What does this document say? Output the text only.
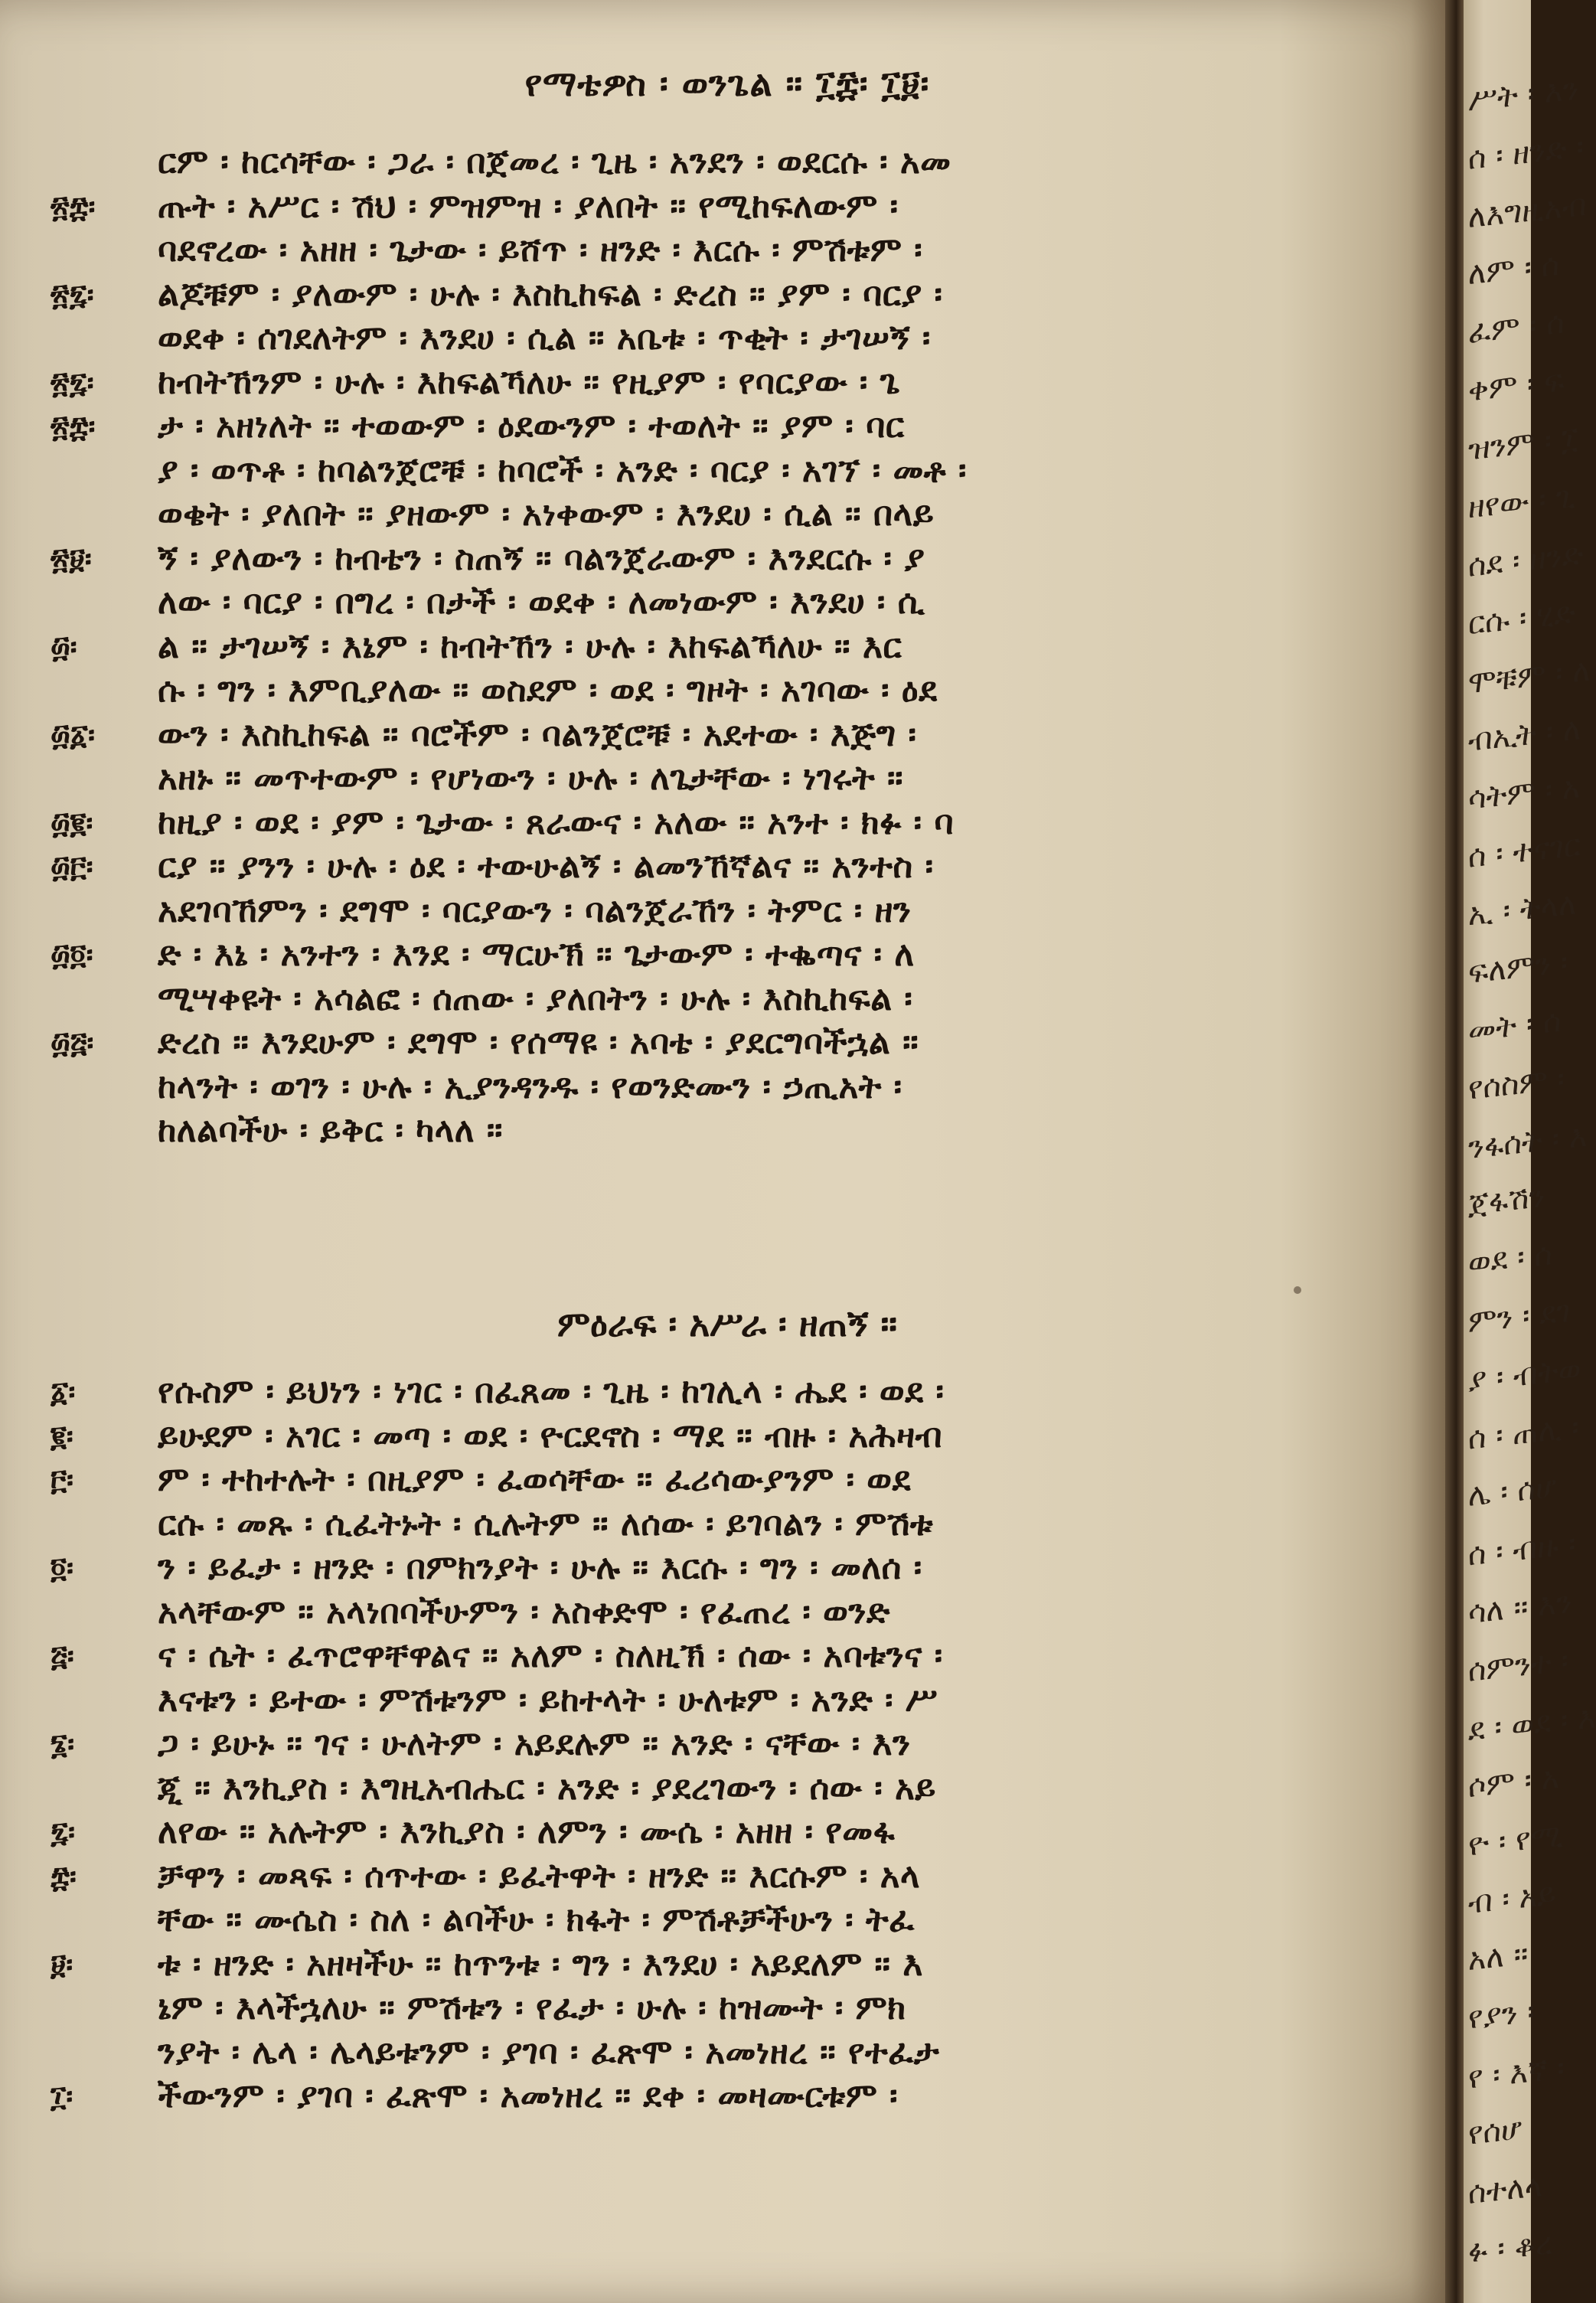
የማቴዎስ ፡ ወንጌል ። ፲፰፡ ፲፱፡
ምዕራፍ ፡ አሥራ ፡ ዘጠኝ ።
ርም ፡ ከርሳቸው ፡ ጋራ ፡ በጀመረ ፡ ጊዜ ፡ አንደን ፡ ወደርሱ ፡ አመ
ጡት ፡ አሥር ፡ ሽህ ፡ ምዝምዝ ፡ ያለበት ። የሚከፍለውም ፡
ባደኖረው ፡ አዘዘ ፡ ጌታው ፡ ይሸጥ ፡ ዘንድ ፡ እርሱ ፡ ምሽቱም ፡
ልጆቹም ፡ ያለውም ፡ ሁሉ ፡ እስኪከፍል ፡ ድረስ ። ያም ፡ ባርያ ፡
ወደቀ ፡ ሰገደለትም ፡ እንደሀ ፡ ሲል ። አቤቱ ፡ ጥቂት ፡ ታገሠኝ ፡
ከብትኸንም ፡ ሁሉ ፡ እከፍልኻለሁ ። የዚያም ፡ የባርያው ፡ ጌ
ታ ፡ አዘነለት ። ተወውም ፡ ዕደውንም ፡ ተወለት ። ያም ፡ ባር
ያ ፡ ወጥቶ ፡ ከባልንጀሮቹ ፡ ከባሮች ፡ አንድ ፡ ባርያ ፡ አገኘ ፡ መቶ ፡
ወቄት ፡ ያለበት ። ያዘውም ፡ አነቀውም ፡ እንደሀ ፡ ሲል ። በላይ
ኝ ፡ ያለውን ፡ ከብቴን ፡ ስጠኝ ። ባልንጀራውም ፡ እንደርሱ ፡ ያ
ለው ፡ ባርያ ፡ በግረ ፡ በታች ፡ ወደቀ ፡ ለመነውም ፡ እንደሀ ፡ ሲ
ል ። ታገሠኝ ፡ እኔም ፡ ከብትኸን ፡ ሁሉ ፡ እከፍልኻለሁ ። እር
ሱ ፡ ግን ፡ እምቢያለው ። ወስደም ፡ ወደ ፡ ግዞት ፡ አገባው ፡ ዕደ
ውን ፡ እስኪከፍል ። ባሮችም ፡ ባልንጀሮቹ ፡ አደተው ፡ እጅግ ፡
አዘኑ ። መጥተውም ፡ የሆነውን ፡ ሁሉ ፡ ለጌታቸው ፡ ነገሩት ።
ከዚያ ፡ ወደ ፡ ያም ፡ ጌታው ፡ ጸራውና ፡ አለው ። አንተ ፡ ክፉ ፡ ባ
ርያ ። ያንን ፡ ሁሉ ፡ ዕደ ፡ ተውሁልኝ ፡ ልመንኸኛልና ። አንተስ ፡
አደገባኸምን ፡ ደግሞ ፡ ባርያውን ፡ ባልንጀራኸን ፡ ትምር ፡ ዘን
ድ ፡ እኔ ፡ አንተን ፡ እንደ ፡ ማርሁኽ ። ጌታውም ፡ ተቈጣና ፡ ለ
ሚሣቀዩት ፡ አሳልፎ ፡ ሰጠው ፡ ያለበትን ፡ ሁሉ ፡ እስኪከፍል ፡
ድረስ ። እንደሁም ፡ ደግሞ ፡ የሰማዩ ፡ አባቴ ፡ ያደርግባችኋል ።
ከላንት ፡ ወገን ፡ ሁሉ ፡ ኢያንዳንዱ ፡ የወንድሙን ፡ ኃጢአት ፡
ከለልባችሁ ፡ ይቅር ፡ ካላለ ።
የሱስም ፡ ይህነን ፡ ነገር ፡ በፈጸመ ፡ ጊዜ ፡ ከገሊላ ፡ ሔደ ፡ ወደ ፡
ይሁደም ፡ አገር ፡ መጣ ፡ ወደ ፡ ዮርደኖስ ፡ ማደ ። ብዙ ፡ አሕዛብ
ም ፡ ተከተሉት ፡ በዚያም ፡ ፈወሳቸው ። ፈሪሳውያንም ፡ ወደ
ርሱ ፡ መጹ ፡ ሲፈትኑት ፡ ሲሉትም ። ለሰው ፡ ይገባልን ፡ ምሽቱ
ን ፡ ይፈታ ፡ ዘንድ ፡ በምክንያት ፡ ሁሉ ። እርሱ ፡ ግን ፡ መለሰ ፡
አላቸውም ። አላነበባችሁምን ፡ አስቀድሞ ፡ የፈጠረ ፡ ወንድ
ና ፡ ሴት ፡ ፈጥሮዋቸዋልና ። አለም ፡ ስለዚኽ ፡ ሰው ፡ አባቱንና ፡
እናቱን ፡ ይተው ፡ ምሽቱንም ፡ ይከተላት ፡ ሁለቱም ፡ አንድ ፡ ሥ
ጋ ፡ ይሁኑ ። ገና ፡ ሁለትም ፡ አይደሉም ። አንድ ፡ ናቸው ፡ እን
ጂ ። እንኪያስ ፡ እግዚአብሔር ፡ አንድ ፡ ያደረገውን ፡ ሰው ፡ አይ
ለየው ። አሉትም ፡ እንኪያስ ፡ ለምን ፡ ሙሴ ፡ አዘዘ ፡ የመፋ
ቻዋን ፡ መጻፍ ፡ ሰጥተው ፡ ይፈትዋት ፡ ዘንድ ። እርሱም ፡ አላ
ቸው ። ሙሴስ ፡ ስለ ፡ ልባችሁ ፡ ክፋት ፡ ምሽቶቻችሁን ፡ ትፈ
ቱ ፡ ዘንድ ፡ አዘዛችሁ ። ከጥንቱ ፡ ግን ፡ እንደሀ ፡ አይደለም ። እ
ኔም ፡ እላችኋለሁ ። ምሽቱን ፡ የፈታ ፡ ሁሉ ፡ ከዝሙት ፡ ምክ
ንያት ፡ ሌላ ፡ ሌላይቱንም ፡ ያገባ ፡ ፈጽሞ ፡ አመነዘረ ። የተፈታ
ችውንም ፡ ያገባ ፡ ፈጽሞ ፡ አመነዘረ ። ደቀ ፡ መዛሙርቱም ፡
፳፰፡
፳፯፡
፳፯፡
፳፰፡
፳፱፡
፴፡
፴፩፡
፴፪፡
፴፫፡
፴፬፡
፴፭፡
፩፡
፪፡
፫፡
፬፡
፭፡
፮፡
፯፡
፰፡
፱፡
፲፡
ሥት ፡ እን
ሰ ፡ ዘንድ ፡
ለእግዚአብ
ለም ፡ ሰ
ፈም ፡ ሰ
ቀም ፡ ፍ
ዝንም ፡ ፲
ዘየው ፡ ጊ
ሰደ ፡ ዘንድ
ርሱ ፡ ሂድ
ሞቹም ፡ ለ
ብኢት ፡ ለ
ሳትም ፡ አ
ሰ ፡ ተናገር
ኢ ፡ ትላለ
ፍለምን ፡
መት ፡ ሰ
የሰስም ፡
ንፋሰት ፡ እ
ጀፋሽን
ወደ ፡ ሰ
ምን ፡ ደገ
ያ ፡ ብትወ
ሰ ፡ ጠሊ ፡
ሌ ፡ ሰሆ
ሰ ፡ ብዙ ፡
ሳለ ። እን
ሰምንተ ፡
ደ ፡ ወደ ፡ እ
ሶም ፡ አ
ዮ ፡ የሚ
ብ ፡ አይ
አለ ።
የያን ፡
የ ፡ እኛ ፡
የሰሆ
ሰተለላ
ፉ ፡ ቆረ
